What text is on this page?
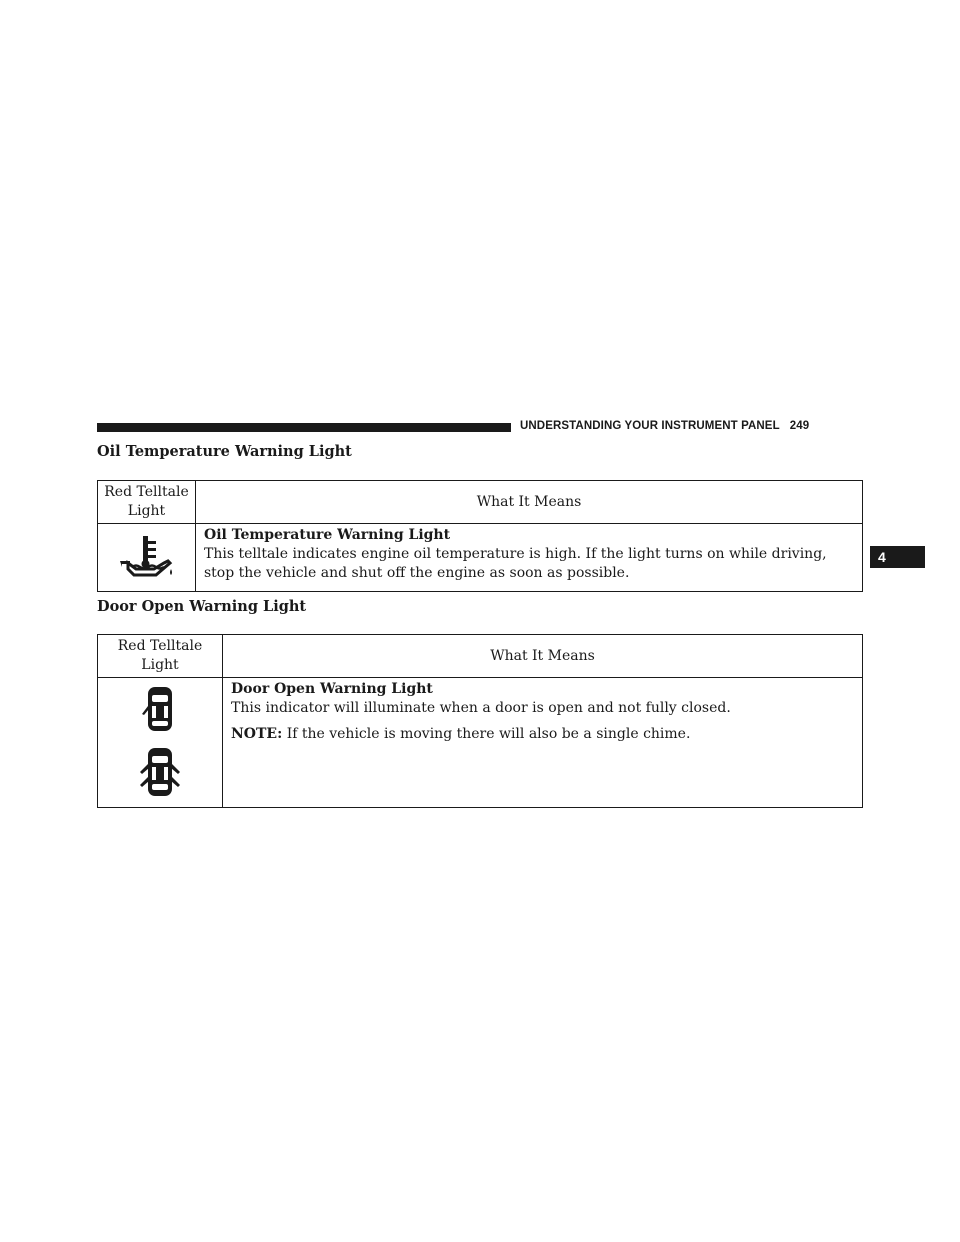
UNDERSTANDING YOUR INSTRUMENT PANEL 249
4
Oil Temperature Warning Light
Red Telltale Light	What It Means

Oil Temperature Warning Light

This telltale indicates engine oil temperature is high. If the light turns on while driving, stop the vehicle and shut off the engine as soon as possible.

Door Open Warning Light
Red Telltale Light	What It Means

Door Open Warning Light

This indicator will illuminate when a door is open and not fully closed.

NOTE: If the vehicle is moving there will also be a single chime.
